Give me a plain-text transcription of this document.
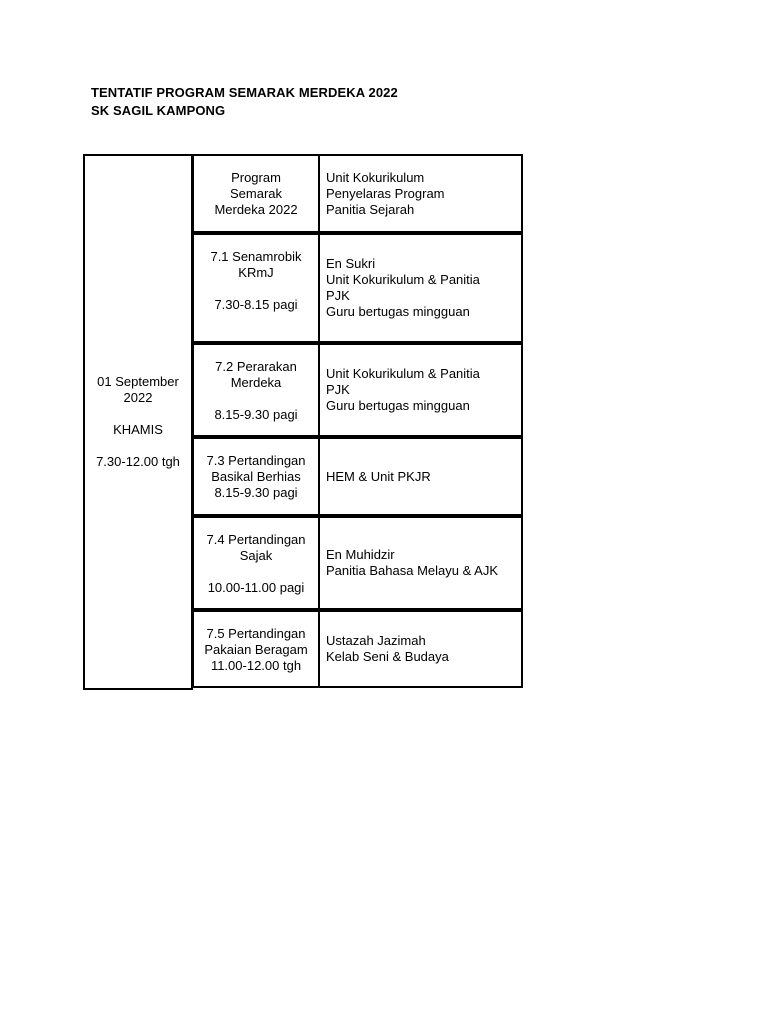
TENTATIF PROGRAM SEMARAK MERDEKA 2022
SK SAGIL KAMPONG
01 September
2022
KHAMIS
7.30-12.00 tgh
Program
Semarak
Merdeka 2022
Unit Kokurikulum
Penyelaras Program
Panitia Sejarah
7.1 Senamrobik
KRmJ
7.30-8.15 pagi
En Sukri
Unit Kokurikulum & Panitia
PJK
Guru bertugas mingguan
7.2 Perarakan
Merdeka
8.15-9.30 pagi
Unit Kokurikulum & Panitia
PJK
Guru bertugas mingguan
7.3 Pertandingan
Basikal Berhias
8.15-9.30 pagi
HEM & Unit PKJR
7.4 Pertandingan
Sajak
10.00-11.00 pagi
En Muhidzir
Panitia Bahasa Melayu & AJK
7.5 Pertandingan
Pakaian Beragam
11.00-12.00 tgh
Ustazah Jazimah
Kelab Seni & Budaya
